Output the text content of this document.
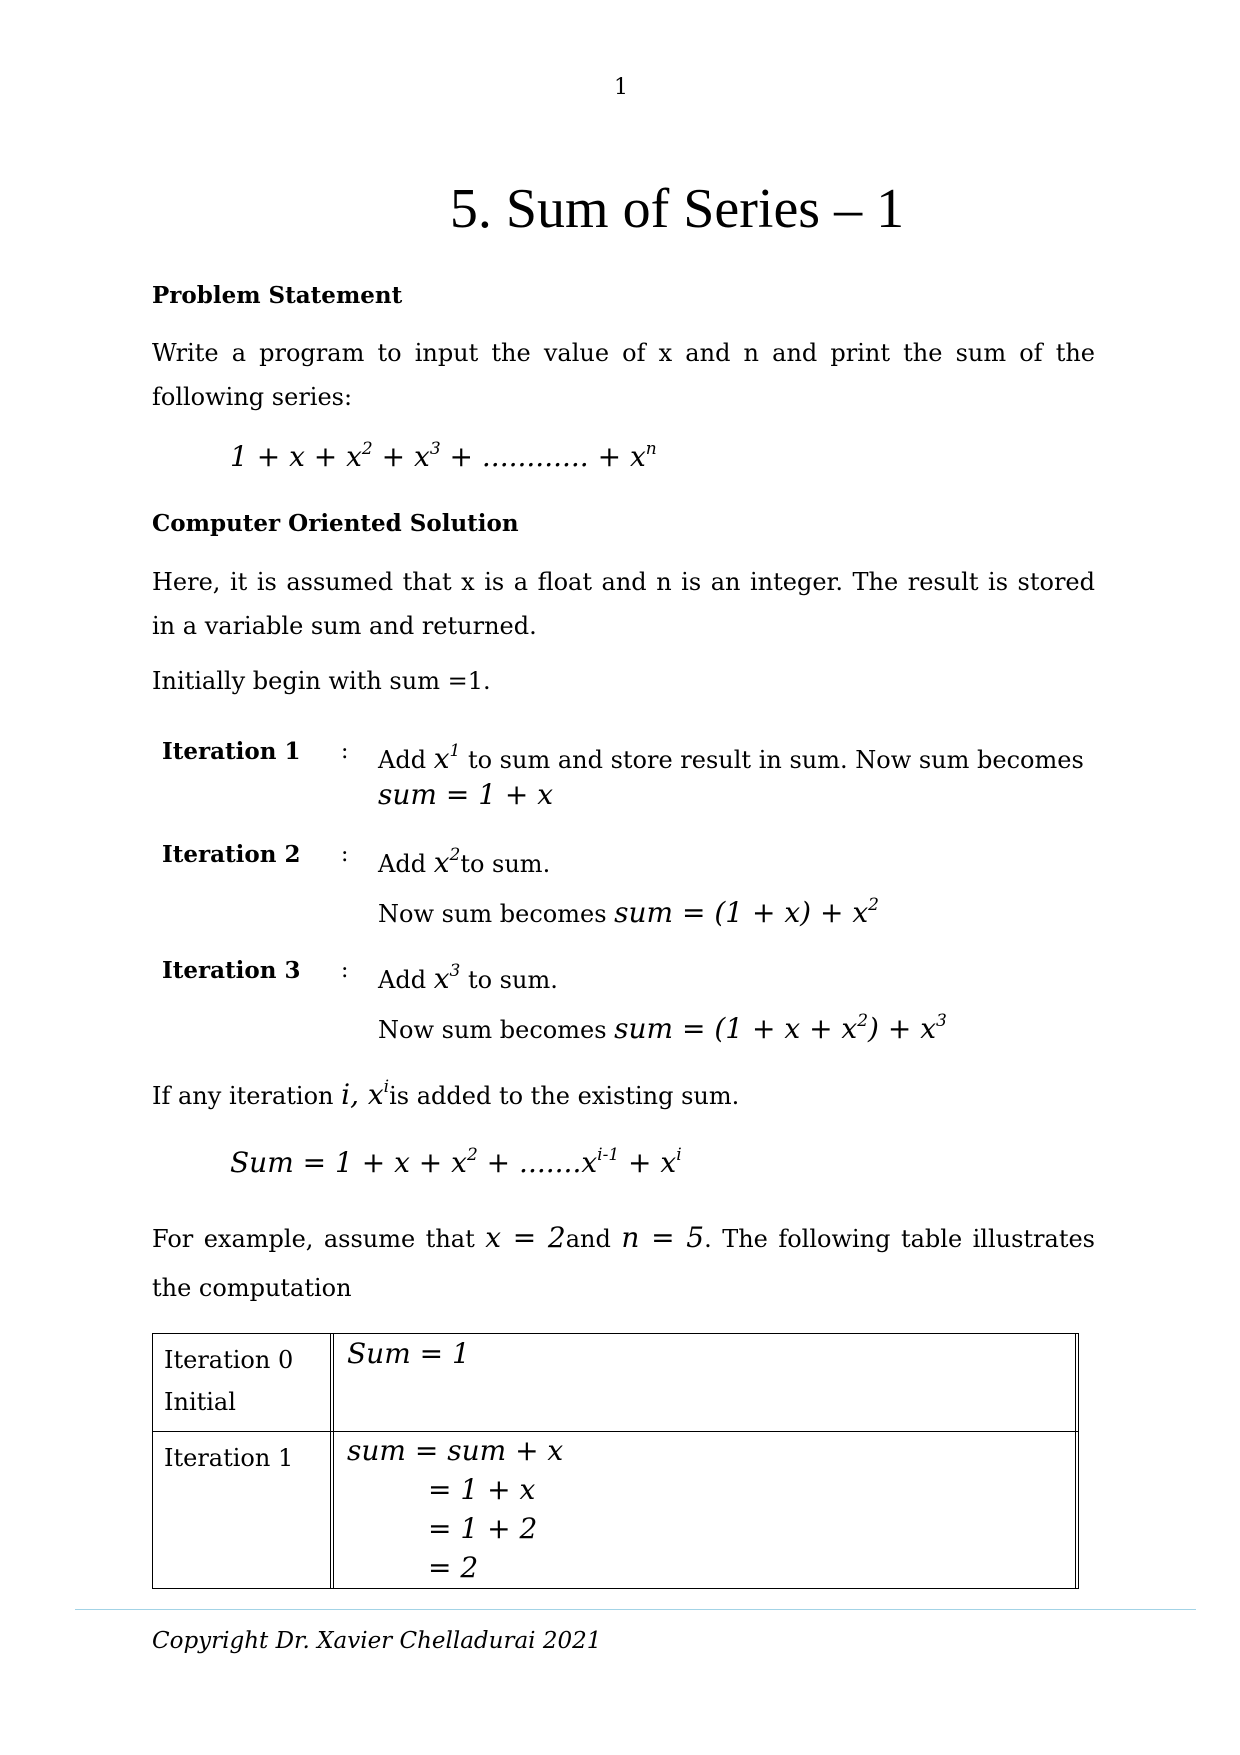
1
5. Sum of Series – 1
Problem Statement
Write a program to input the value of x and n and print the sum of the
following series:
$1 + x + x^2 + x^3$ + ............ + $x^n$
Computer Oriented Solution
Here, it is assumed that x is a float and n is an integer. The result is stored
in a variable sum and returned.
Initially begin with sum =1.
Iteration 1 : Add $x^1$ to sum and store result in sum. Now sum becomes
sum = 1 + x
Iteration 2 : Add $x^2to$ sum.
Now sum becomes sum = $(1 + x) + x^2$
Iteration 3 : Add $x^3$ to sum.
Now sum becomes sum = $(1 + x + x^2) + x^3$
If any iteration i, $x^iis$ added to the existing sum.
Sum = $1 + x + x^2 + .......x^{i-1} + x^i$
For example, assume that x = 2and n = 5. The following table illustrates
the computation
Iteration 0
Initial
Sum = 1
Iteration 1 sum = sum + x
= 1 + x
= 1 + 2
= 2
Copyright Dr. Xavier Chelladurai 2021
